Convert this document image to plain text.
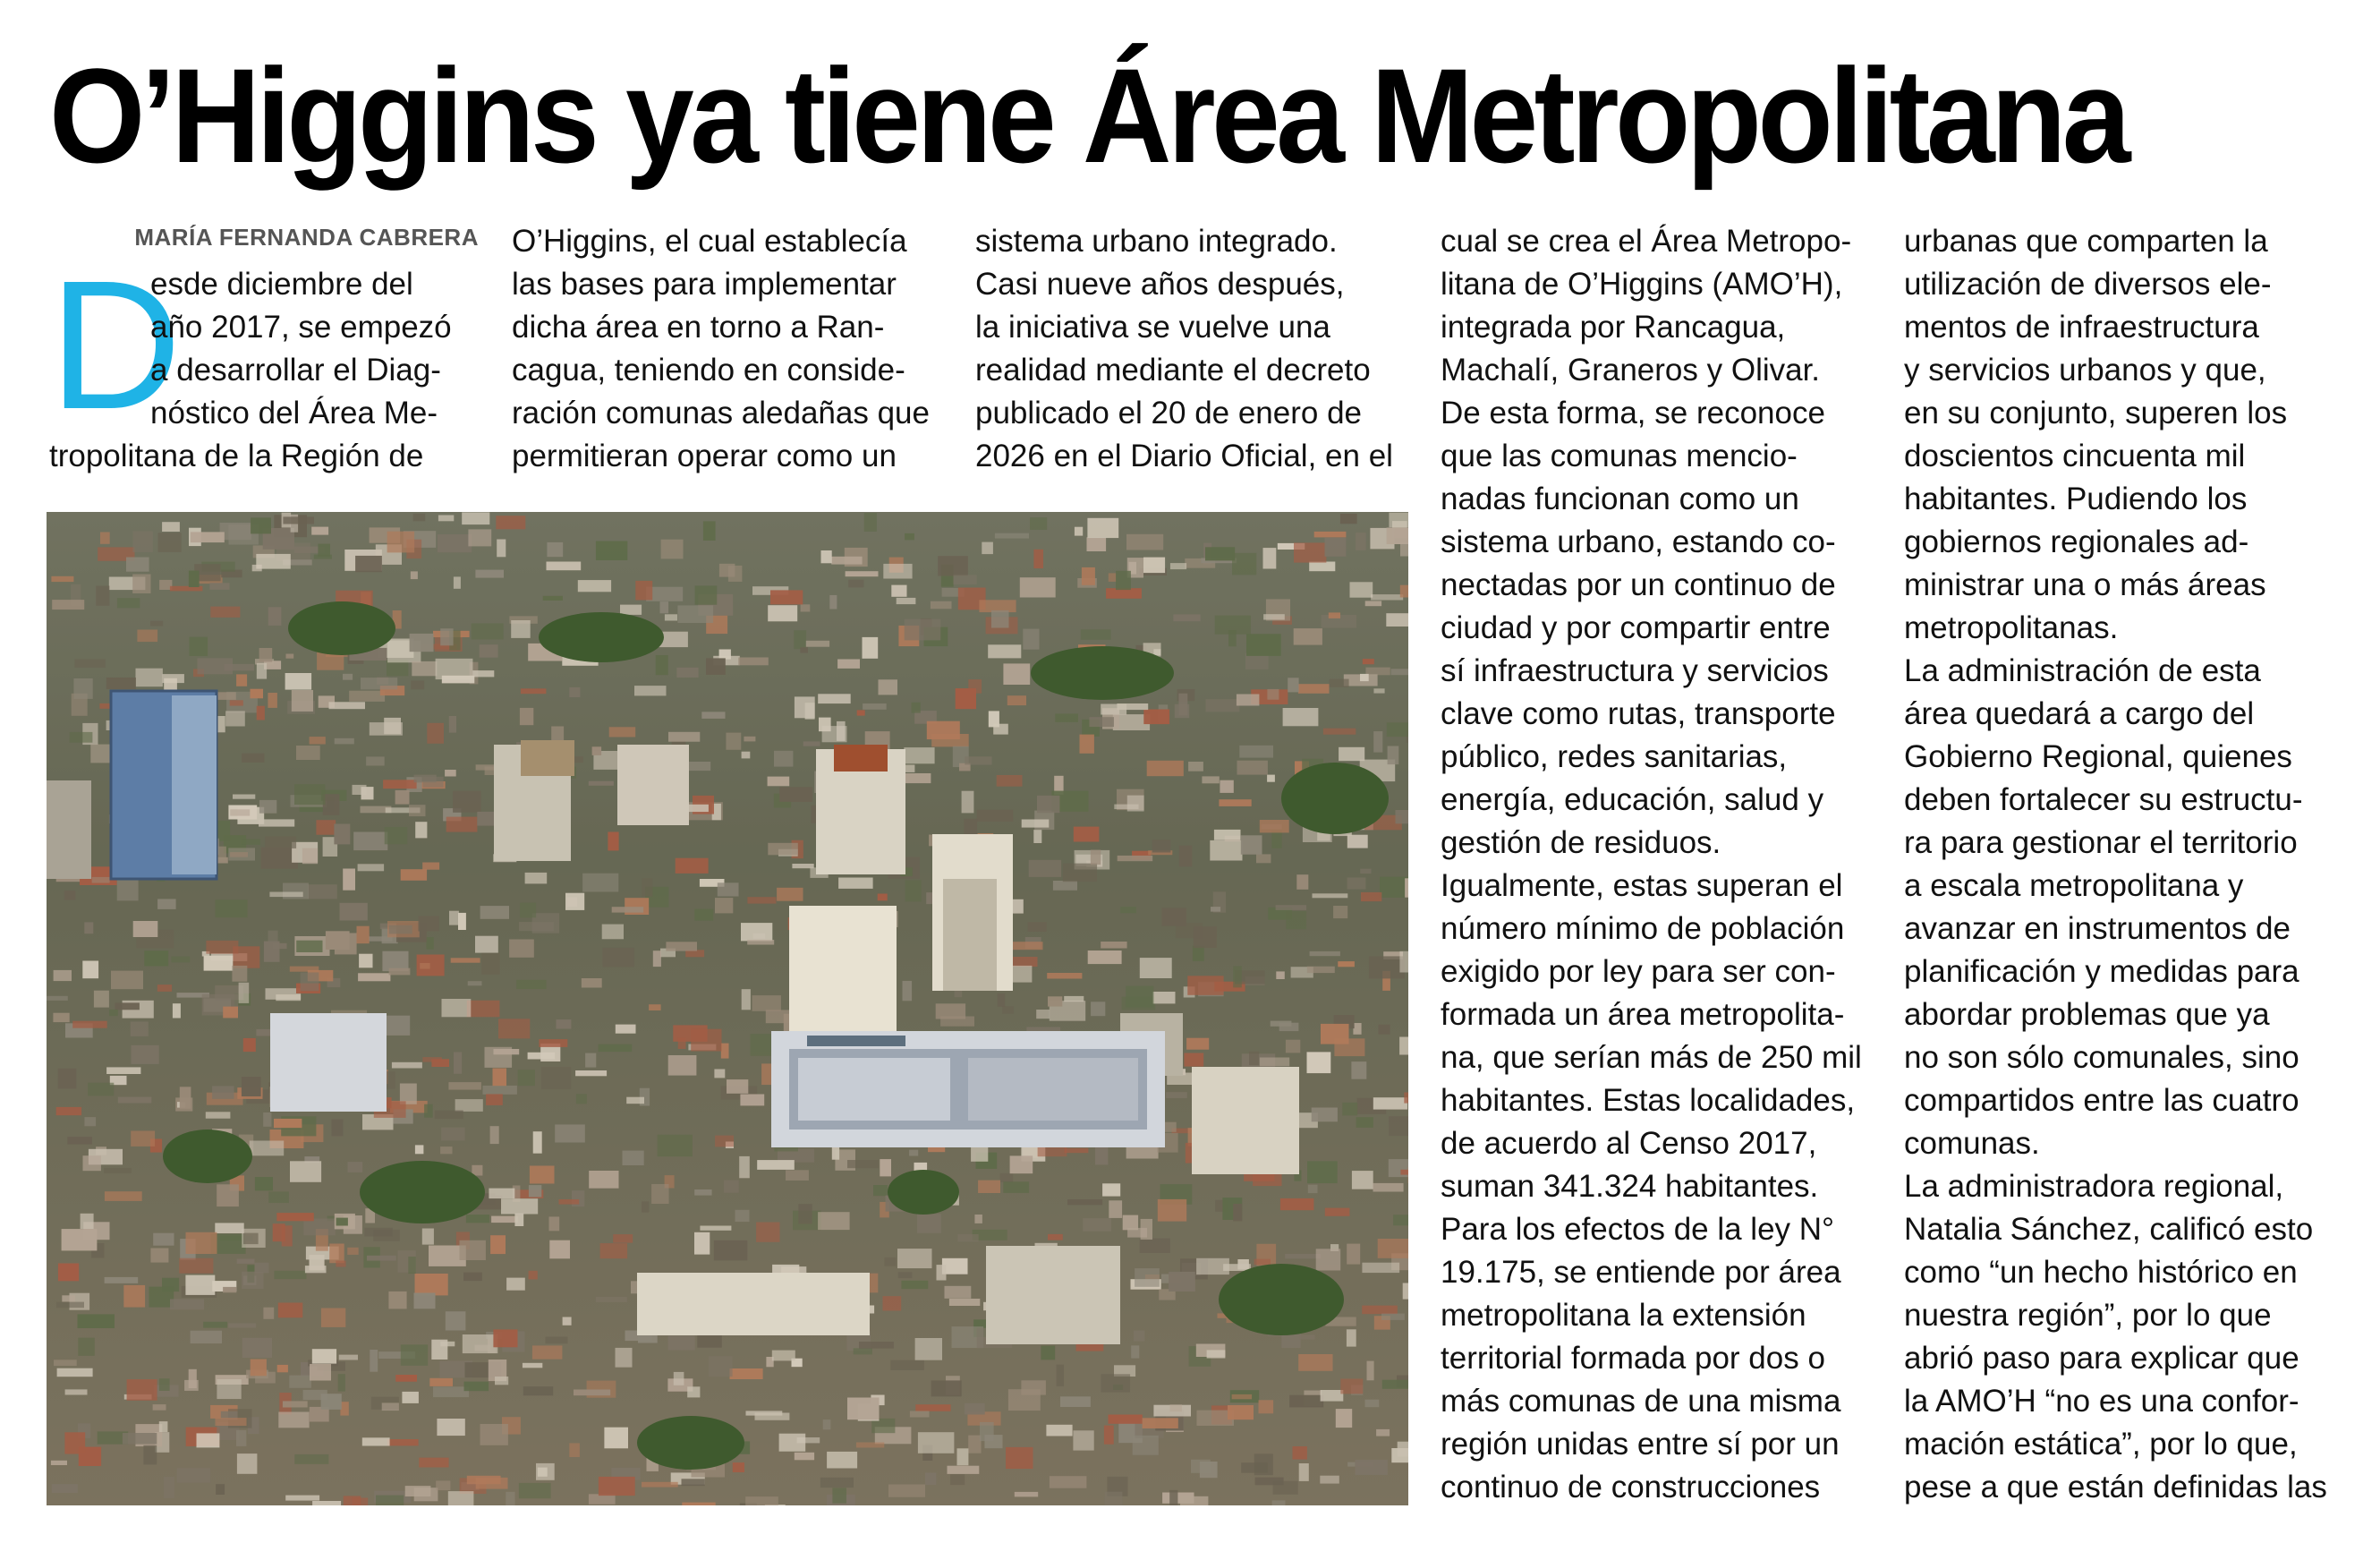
O’Higgins ya tiene Área Metropolitana
MARÍA FERNANDA CABRERA
D

esde diciembre del
año 2017, se empezó
a desarrollar el Diag-
nóstico del Área Me-

tropolitana de la Región de

O’Higgins, el cual establecía
las bases para implementar
dicha área en torno a Ran-
cagua, teniendo en conside-
ración comunas aledañas que
permitieran operar como un

sistema urbano integrado.
Casi nueve años después,
la iniciativa se vuelve una
realidad mediante el decreto
publicado el 20 de enero de
2026 en el Diario Oficial, en el

cual se crea el Área Metropo-
litana de O’Higgins (AMO’H),
integrada por Rancagua,
Machalí, Graneros y Olivar.

De esta forma, se reconoce
que las comunas mencio-
nadas funcionan como un
sistema urbano, estando co-
nectadas por un continuo de
ciudad y por compartir entre
sí infraestructura y servicios
clave como rutas, transporte
público, redes sanitarias,
energía, educación, salud y
gestión de residuos.

Igualmente, estas superan el
número mínimo de población
exigido por ley para ser con-
formada un área metropolita-
na, que serían más de 250 mil
habitantes. Estas localidades,
de acuerdo al Censo 2017,
suman 341.324 habitantes.
Para los efectos de la ley N°
19.175, se entiende por área
metropolitana la extensión
territorial formada por dos o
más comunas de una misma
región unidas entre sí por un
continuo de construcciones

urbanas que comparten la
utilización de diversos ele-
mentos de infraestructura
y servicios urbanos y que,
en su conjunto, superen los
doscientos cincuenta mil
habitantes. Pudiendo los
gobiernos regionales ad-
ministrar una o más áreas
metropolitanas.

La administración de esta
área quedará a cargo del
Gobierno Regional, quienes
deben fortalecer su estructu-
ra para gestionar el territorio
a escala metropolitana y
avanzar en instrumentos de
planificación y medidas para
abordar problemas que ya
no son sólo comunales, sino
compartidos entre las cuatro
comunas.

La administradora regional,
Natalia Sánchez, calificó esto
como “un hecho histórico en
nuestra región”, por lo que
abrió paso para explicar que
la AMO’H “no es una confor-
mación estática”, por lo que,
pese a que están definidas las
